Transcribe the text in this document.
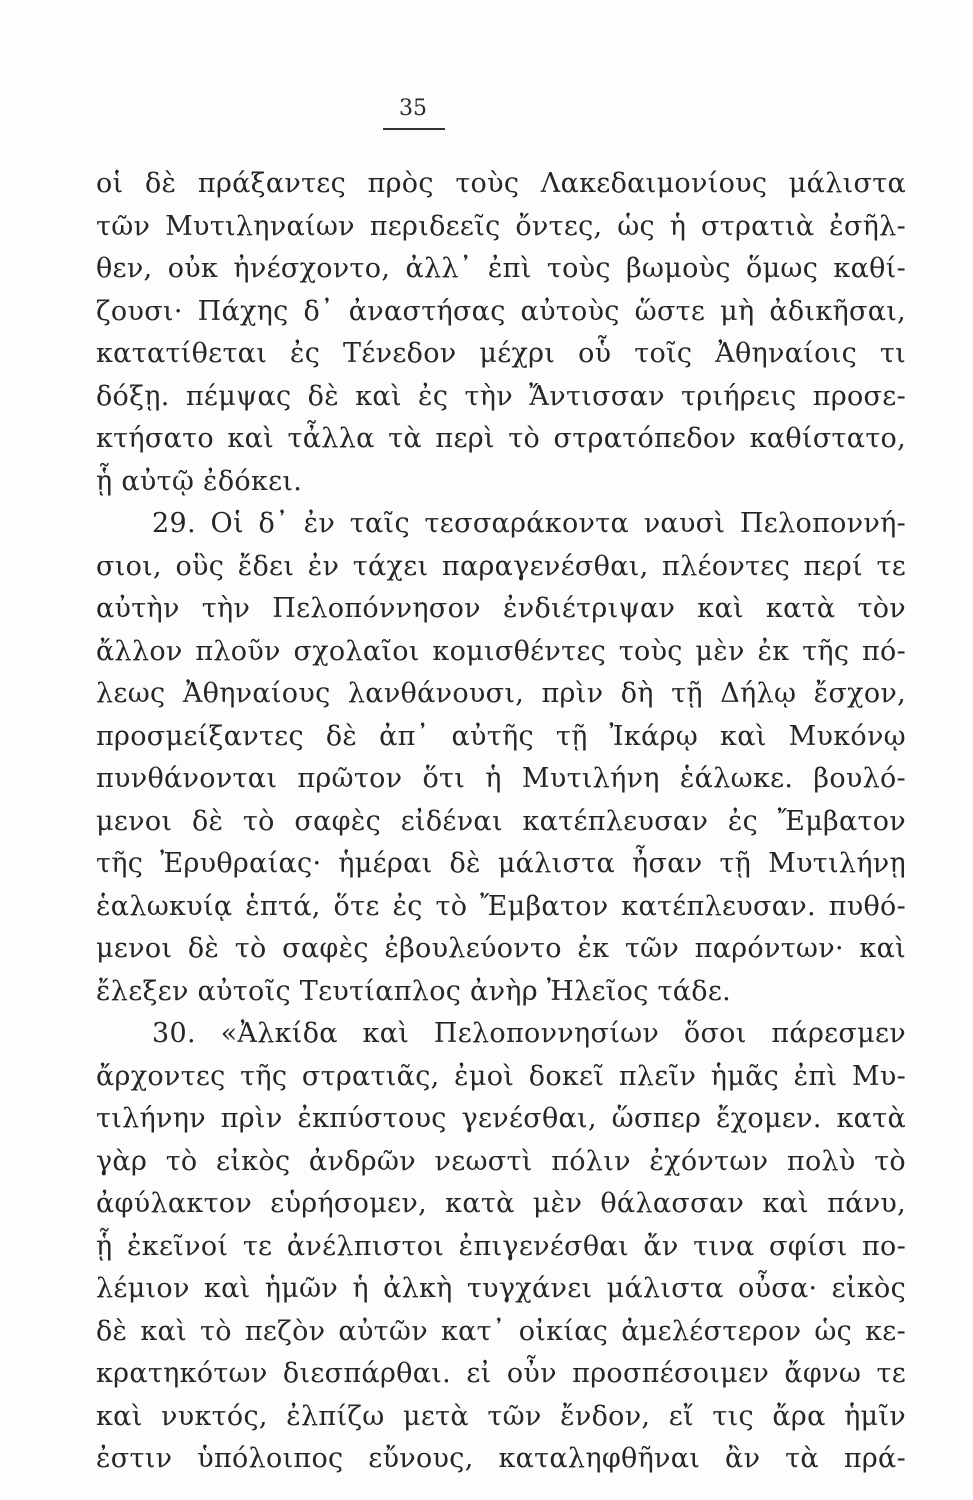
35
οἱ δὲ πράξαντες πρὸς τοὺς Λακεδαιμονίους μάλιστα
τῶν Μυτιληναίων περιδεεῖς ὄντες, ὡς ἡ στρατιὰ ἐσῆλ-
θεν, οὐκ ἠνέσχοντο, ἀλλ᾽ ἐπὶ τοὺς βωμοὺς ὅμως καθί-
ζουσι· Πάχης δ᾽ ἀναστήσας αὐτοὺς ὥστε μὴ ἀδικῆσαι,
κατατίθεται ἐς Τένεδον μέχρι οὗ τοῖς Ἀθηναίοις τι
δόξῃ. πέμψας δὲ καὶ ἐς τὴν Ἄντισσαν τριήρεις προσε-
κτήσατο καὶ τἆλλα τὰ περὶ τὸ στρατόπεδον καθίστατο,
ᾗ αὐτῷ ἐδόκει.
29. Οἱ δ᾽ ἐν ταῖς τεσσαράκοντα ναυσὶ Πελοποννή-
σιοι, οὓς ἔδει ἐν τάχει παραγενέσθαι, πλέοντες περί τε
αὐτὴν τὴν Πελοπόννησον ἐνδιέτριψαν καὶ κατὰ τὸν
ἄλλον πλοῦν σχολαῖοι κομισθέντες τοὺς μὲν ἐκ τῆς πό-
λεως Ἀθηναίους λανθάνουσι, πρὶν δὴ τῇ Δήλῳ ἔσχον,
προσμείξαντες δὲ ἀπ᾽ αὐτῆς τῇ Ἰκάρῳ καὶ Μυκόνῳ
πυνθάνονται πρῶτον ὅτι ἡ Μυτιλήνη ἑάλωκε. βουλό-
μενοι δὲ τὸ σαφὲς εἰδέναι κατέπλευσαν ἐς Ἔμβατον
τῆς Ἐρυθραίας· ἡμέραι δὲ μάλιστα ἦσαν τῇ Μυτιλήνῃ
ἑαλωκυίᾳ ἑπτά, ὅτε ἐς τὸ Ἔμβατον κατέπλευσαν. πυθό-
μενοι δὲ τὸ σαφὲς ἐβουλεύοντο ἐκ τῶν παρόντων· καὶ
ἔλεξεν αὐτοῖς Τευτίαπλος ἀνὴρ Ἠλεῖος τάδε.
30. «Ἀλκίδα καὶ Πελοποννησίων ὅσοι πάρεσμεν
ἄρχοντες τῆς στρατιᾶς, ἐμοὶ δοκεῖ πλεῖν ἡμᾶς ἐπὶ Μυ-
τιλήνην πρὶν ἐκπύστους γενέσθαι, ὥσπερ ἔχομεν. κατὰ
γὰρ τὸ εἰκὸς ἀνδρῶν νεωστὶ πόλιν ἐχόντων πολὺ τὸ
ἀφύλακτον εὑρήσομεν, κατὰ μὲν θάλασσαν καὶ πάνυ,
ᾗ ἐκεῖνοί τε ἀνέλπιστοι ἐπιγενέσθαι ἄν τινα σφίσι πο-
λέμιον καὶ ἡμῶν ἡ ἀλκὴ τυγχάνει μάλιστα οὖσα· εἰκὸς
δὲ καὶ τὸ πεζὸν αὐτῶν κατ᾽ οἰκίας ἀμελέστερον ὡς κε-
κρατηκότων διεσπάρθαι. εἰ οὖν προσπέσοιμεν ἄφνω τε
καὶ νυκτός, ἐλπίζω μετὰ τῶν ἔνδον, εἴ τις ἄρα ἡμῖν
ἐστιν ὑπόλοιπος εὔνους, καταληφθῆναι ἂν τὰ πρά-
